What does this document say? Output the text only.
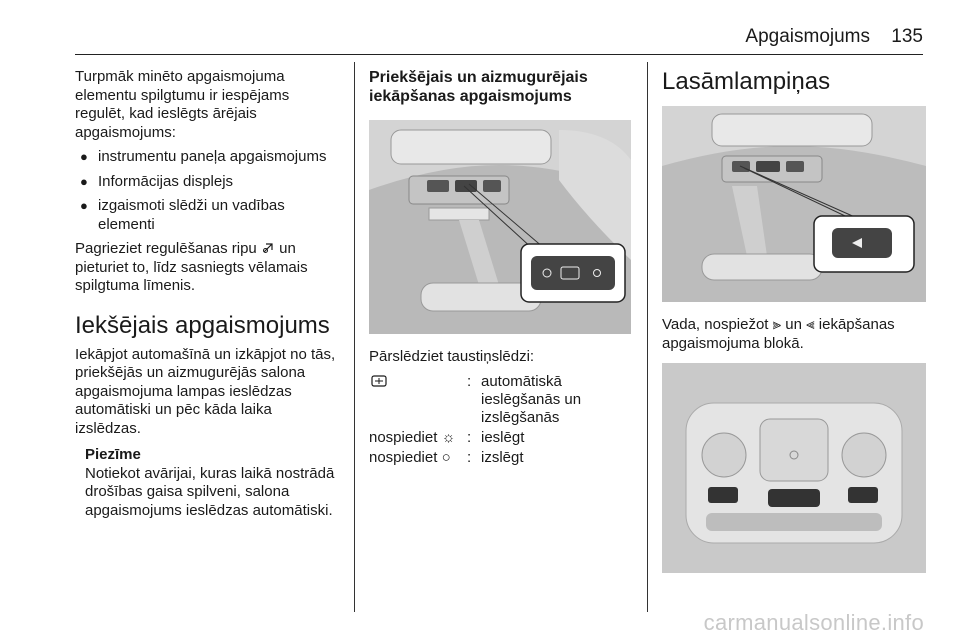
Apgaismojums 135

Turpmāk minēto apgaismojuma elementu spilgtumu ir iespējams regulēt, kad ieslēgts ārējais apgaismojums:

● instrumentu paneļa apgaismojums
● Informācijas displejs
● izgaismoti slēdži un vadības elementi

Pagrieziet regulēšanas ripu un pieturiet to, līdz sasniegts vēlamais spilgtuma līmenis.

Iekšējais apgaismojums

Iekāpjot automašīnā un izkāpjot no tās, priekšējās un aizmugurējās salona apgaismojuma lampas ieslēdzas automātiski un pēc kāda laika izslēdzas.

Piezīme
Notiekot avārijai, kuras laikā nostrādā drošības gaisa spilveni, salona apgaismojums ieslēdzas automātiski.
Priekšējais un aizmugurējais iekāpšanas apgaismojums

Pārslēdziet taustiņslēdzi:

	:	automātiskā ieslēgšanās un izslēgšanās
nospiediet ☼	:	ieslēgt
nospiediet ○	:	izslēgt
Lasāmlampiņas

Vada, nospiežot ⫸ un ⫷ iekāpšanas apgaismojuma blokā.

carmanualsonline.info
